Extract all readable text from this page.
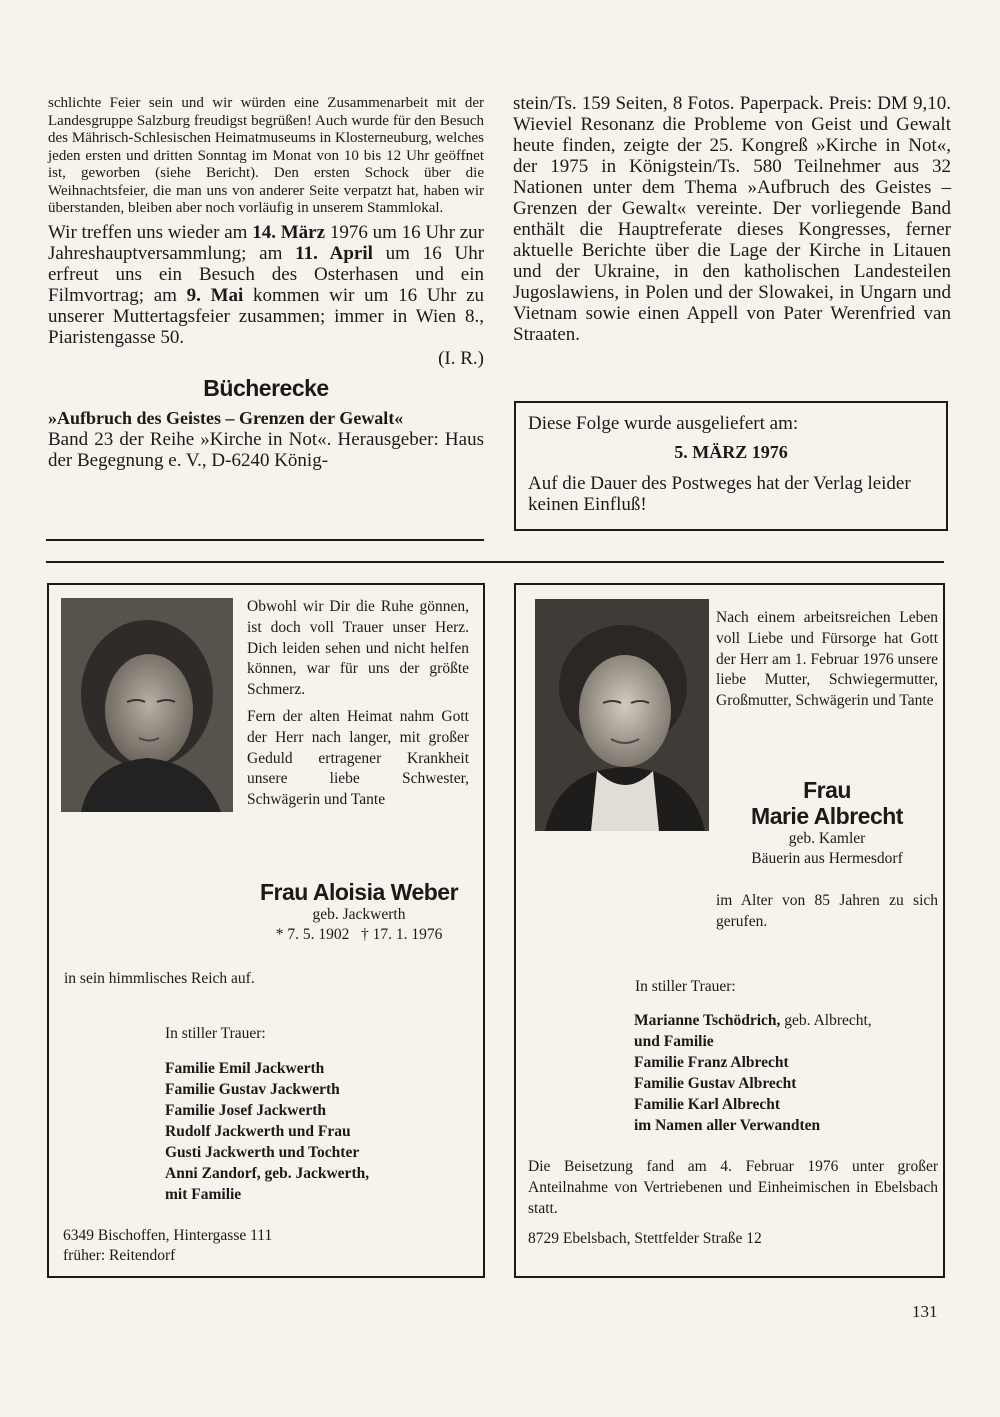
schlichte Feier sein und wir würden eine Zusammenarbeit mit der Landesgruppe Salzburg freudigst begrüßen! Auch wurde für den Besuch des Mährisch-Schlesischen Heimatmuseums in Klosterneuburg, welches jeden ersten und dritten Sonntag im Monat von 10 bis 12 Uhr geöffnet ist, geworben (siehe Bericht). Den ersten Schock über die Weihnachtsfeier, die man uns von anderer Seite verpatzt hat, haben wir überstanden, bleiben aber noch vorläufig in unserem Stammlokal.

Wir treffen uns wieder am 14. März 1976 um 16 Uhr zur Jahreshauptversammlung; am 11. April um 16 Uhr erfreut uns ein Besuch des Osterhasen und ein Filmvortrag; am 9. Mai kommen wir um 16 Uhr zu unserer Muttertagsfeier zusammen; immer in Wien 8., Piaristengasse 50.

(I. R.)

Bücherecke

»Aufbruch des Geistes – Grenzen der Gewalt«

Band 23 der Reihe »Kirche in Not«. Herausgeber: Haus der Begegnung e. V., D-6240 König-

stein/Ts. 159 Seiten, 8 Fotos. Paperpack. Preis: DM 9,10. Wieviel Resonanz die Probleme von Geist und Gewalt heute finden, zeigte der 25. Kongreß »Kirche in Not«, der 1975 in Königstein/Ts. 580 Teilnehmer aus 32 Nationen unter dem Thema »Aufbruch des Geistes – Grenzen der Gewalt« vereinte. Der vorliegende Band enthält die Hauptreferate dieses Kongresses, ferner aktuelle Berichte über die Lage der Kirche in Litauen und der Ukraine, in den katholischen Landesteilen Jugoslawiens, in Polen und der Slowakei, in Ungarn und Vietnam sowie einen Appell von Pater Werenfried van Straaten.

Diese Folge wurde ausgeliefert am:
5. MÄRZ 1976
Auf die Dauer des Postweges hat der Verlag leider keinen Einfluß!

Obwohl wir Dir die Ruhe gönnen, ist doch voll Trauer unser Herz. Dich leiden sehen und nicht helfen können, war für uns der größte Schmerz.

Fern der alten Heimat nahm Gott der Herr nach langer, mit großer Geduld ertragener Krankheit unsere liebe Schwester, Schwägerin und Tante

Frau Aloisia Weber
geb. Jackwerth
* 7. 5. 1902   † 17. 1. 1976
in sein himmlisches Reich auf.
In stiller Trauer:
Familie Emil Jackwerth
Familie Gustav Jackwerth
Familie Josef Jackwerth
Rudolf Jackwerth und Frau
Gusti Jackwerth und Tochter
Anni Zandorf, geb. Jackwerth,
mit Familie
6349 Bischoffen, Hintergasse 111
früher: Reitendorf

Nach einem arbeitsreichen Leben voll Liebe und Fürsorge hat Gott der Herr am 1. Februar 1976 unsere liebe Mutter, Schwiegermutter, Großmutter, Schwägerin und Tante

Frau
Marie Albrecht
geb. Kamler
Bäuerin aus Hermesdorf

im Alter von 85 Jahren zu sich gerufen.

In stiller Trauer:
Marianne Tschödrich, geb. Albrecht,
und Familie
Familie Franz Albrecht
Familie Gustav Albrecht
Familie Karl Albrecht
im Namen aller Verwandten

Die Beisetzung fand am 4. Februar 1976 unter großer Anteilnahme von Vertriebenen und Einheimischen in Ebelsbach statt.

8729 Ebelsbach, Stettfelder Straße 12
131
